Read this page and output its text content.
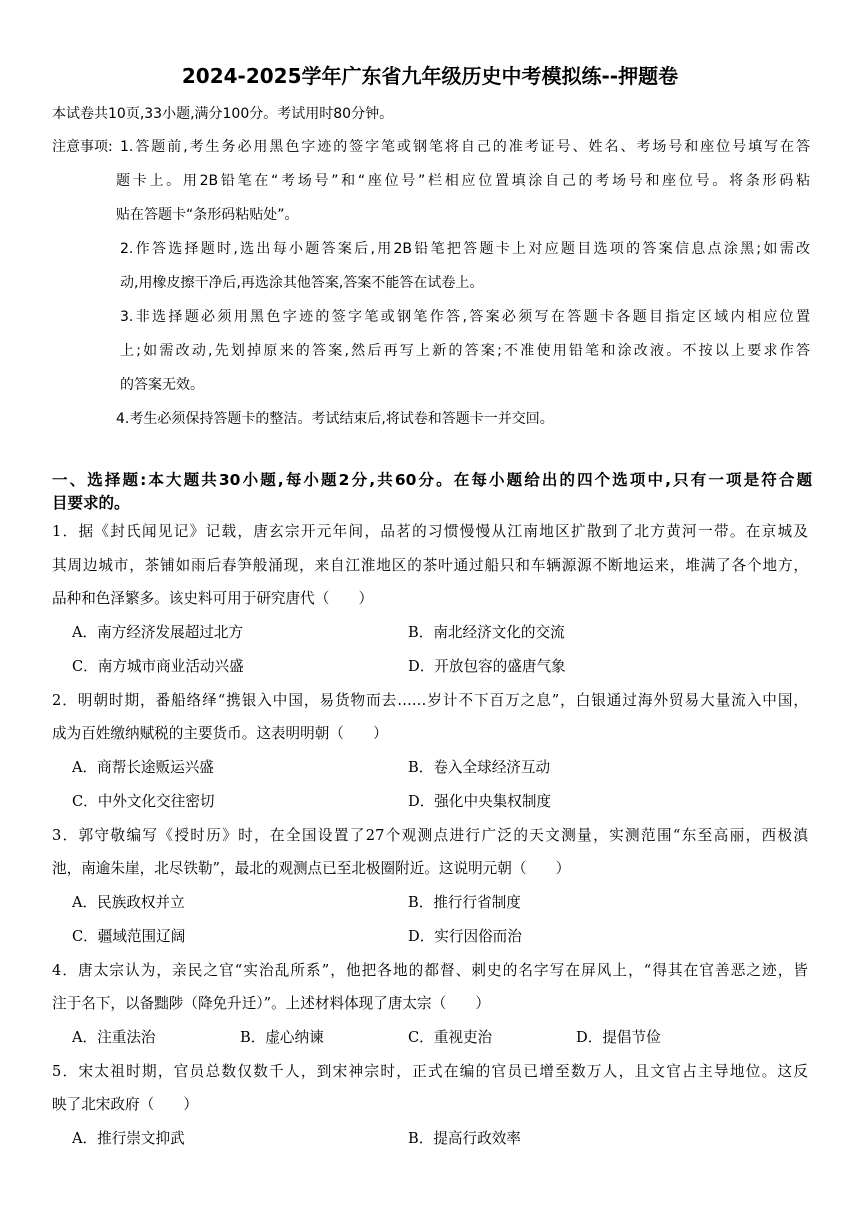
2024-2025学年广东省九年级历史中考模拟练--押题卷
本试卷共10页,33小题,满分100分。考试用时80分钟。
注意事项: 1.答题前,考生务必用黑色字迹的签字笔或钢笔将自己的准考证号、姓名、考场号和座位号填写在答
题卡上。用2B铅笔在“考场号”和“座位号”栏相应位置填涂自己的考场号和座位号。将条形码粘
贴在答题卡“条形码粘贴处”。
2.作答选择题时,选出每小题答案后,用2B铅笔把答题卡上对应题目选项的答案信息点涂黑;如需改
动,用橡皮擦干净后,再选涂其他答案,答案不能答在试卷上。
3.非选择题必须用黑色字迹的签字笔或钢笔作答,答案必须写在答题卡各题目指定区域内相应位置
上;如需改动,先划掉原来的答案,然后再写上新的答案;不准使用铅笔和涂改液。不按以上要求作答
的答案无效。
4.考生必须保持答题卡的整洁。考试结束后,将试卷和答题卡一并交回。
一、选择题:本大题共30小题,每小题2分,共60分。在每小题给出的四个选项中,只有一项是符合题
目要求的。
1．据《封氏闻见记》记载，唐玄宗开元年间，品茗的习惯慢慢从江南地区扩散到了北方黄河一带。在京城及
其周边城市，茶铺如雨后春笋般涌现，来自江淮地区的茶叶通过船只和车辆源源不断地运来，堆满了各个地方，
品种和色泽繁多。该史料可用于研究唐代（　　）
A．南方经济发展超过北方	B．南北经济文化的交流
C．南方城市商业活动兴盛	D．开放包容的盛唐气象
2．明朝时期，番船络绎“携银入中国，易货物而去……岁计不下百万之息”，白银通过海外贸易大量流入中国，
成为百姓缴纳赋税的主要货币。这表明明朝（　　）
A．商帮长途贩运兴盛	B．卷入全球经济互动
C．中外文化交往密切	D．强化中央集权制度
3．郭守敬编写《授时历》时，在全国设置了27个观测点进行广泛的天文测量，实测范围“东至高丽，西极滇
池，南逾朱崖，北尽铁勒”，最北的观测点已至北极圈附近。这说明元朝（　　）
A．民族政权并立	B．推行行省制度
C．疆域范围辽阔	D．实行因俗而治
4．唐太宗认为，亲民之官“实治乱所系”，他把各地的都督、刺史的名字写在屏风上，“得其在官善恶之迹，皆
注于名下，以备黜陟（降免升迁）”。上述材料体现了唐太宗（　　）
A．注重法治	B．虚心纳谏	C．重视吏治	D．提倡节俭
5．宋太祖时期，官员总数仅数千人，到宋神宗时，正式在编的官员已增至数万人，且文官占主导地位。这反
映了北宋政府（　　）
A．推行崇文抑武	B．提高行政效率
